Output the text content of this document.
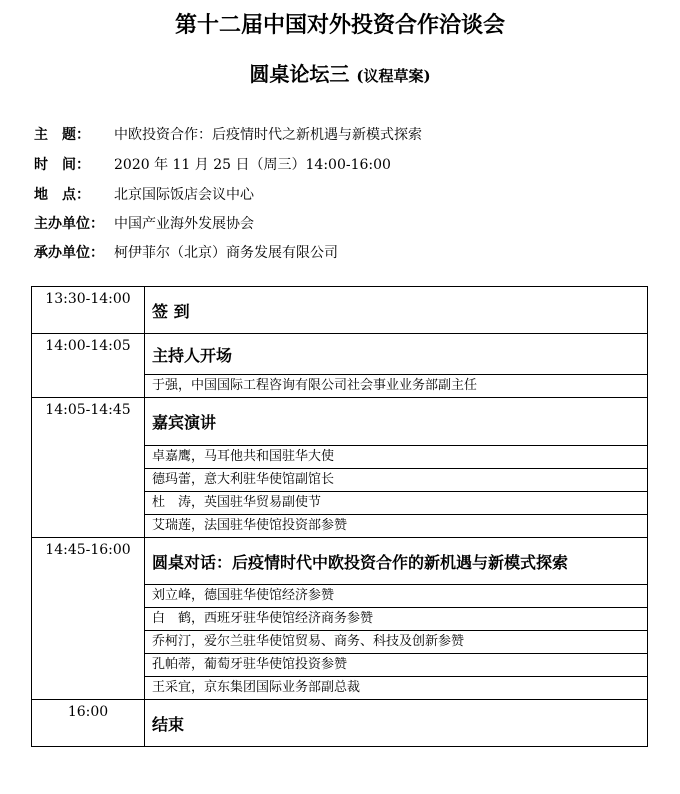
第十二届中国对外投资合作洽谈会
圆桌论坛三 (议程草案)
主　题： 中欧投资合作：后疫情时代之新机遇与新模式探索
时　间： 2020 年 11 月 25 日（周三）14:00-16:00
地　点： 北京国际饭店会议中心
主办单位： 中国产业海外发展协会
承办单位： 柯伊菲尔（北京）商务发展有限公司
13:30-14:00	签 到
14:00-14:05	主持人开场
	于强，中国国际工程咨询有限公司社会事业业务部副主任
14:05-14:45	嘉宾演讲
	卓嘉鹰，马耳他共和国驻华大使
	德玛蕾，意大利驻华使馆副馆长
	杜　涛，英国驻华贸易副使节
	艾瑞莲，法国驻华使馆投资部参赞
14:45-16:00	圆桌对话：后疫情时代中欧投资合作的新机遇与新模式探索
	刘立峰，德国驻华使馆经济参赞
	白　鹤，西班牙驻华使馆经济商务参赞
	乔柯汀，爱尔兰驻华使馆贸易、商务、科技及创新参赞
	孔帕蒂，葡萄牙驻华使馆投资参赞
	王采宜，京东集团国际业务部副总裁
16:00	结束
